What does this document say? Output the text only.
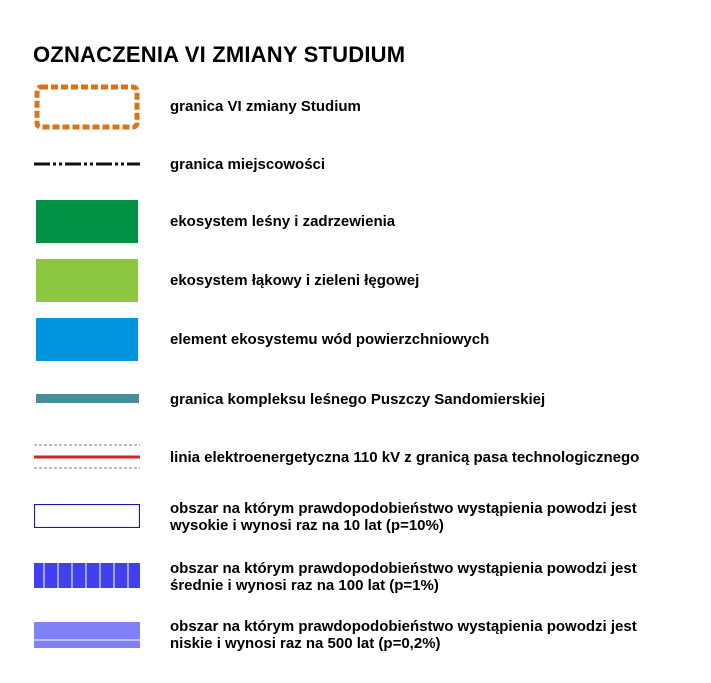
OZNACZENIA VI ZMIANY STUDIUM
granica VI zmiany Studium
granica miejscowości
ekosystem leśny i zadrzewienia
ekosystem łąkowy i zieleni łęgowej
element ekosystemu wód powierzchniowych
granica kompleksu leśnego Puszczy Sandomierskiej
linia elektroenergetyczna 110 kV z granicą pasa technologicznego
obszar na którym prawdopodobieństwo wystąpienia powodzi jest
wysokie i wynosi raz na 10 lat (p=10%)
obszar na którym prawdopodobieństwo wystąpienia powodzi jest
średnie i wynosi raz na 100 lat (p=1%)
obszar na którym prawdopodobieństwo wystąpienia powodzi jest
niskie i wynosi raz na 500 lat (p=0,2%)
